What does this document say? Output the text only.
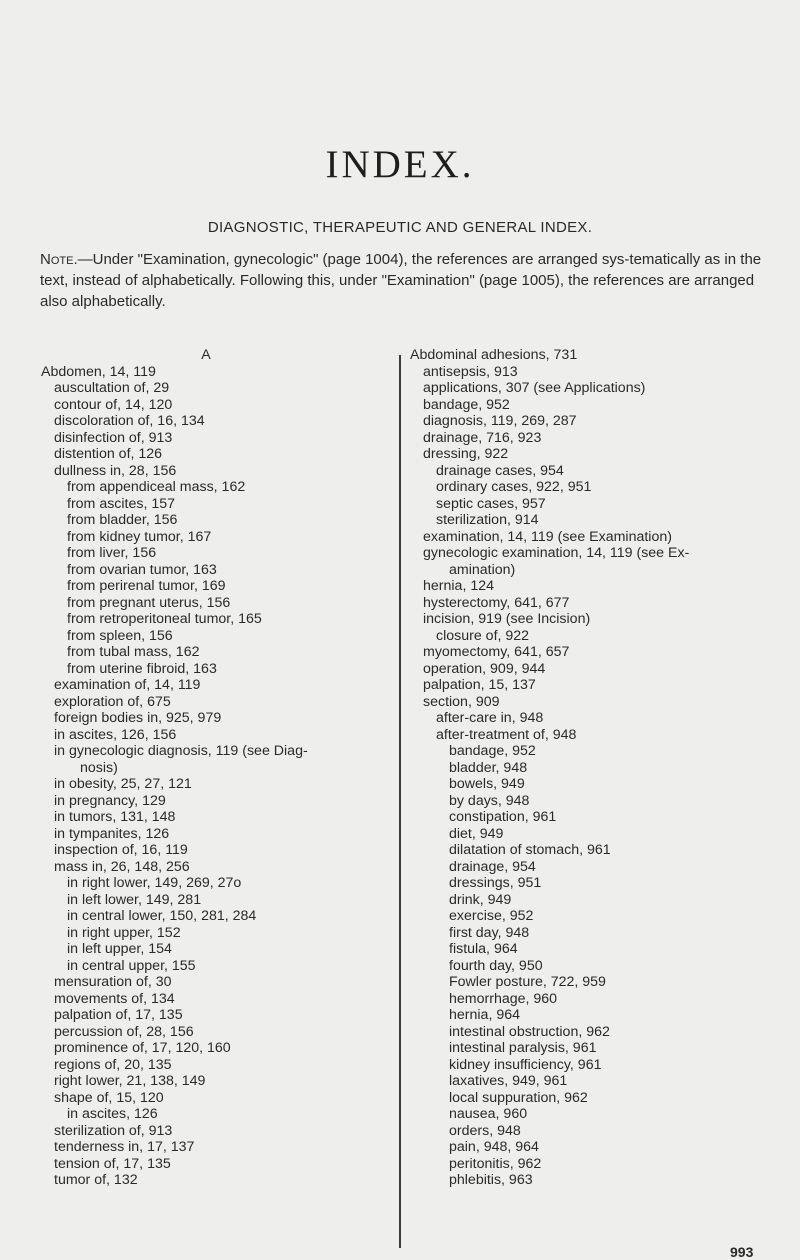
INDEX.
DIAGNOSTIC, THERAPEUTIC AND GENERAL INDEX.
Note.—Under "Examination, gynecologic" (page 1004), the references are arranged sys-tematically as in the text, instead of alphabetically. Following this, under "Examination" (page 1005), the references are arranged also alphabetically.
A
Abdomen, 14, 119
auscultation of, 29
contour of, 14, 120
discoloration of, 16, 134
disinfection of, 913
distention of, 126
dullness in, 28, 156
from appendiceal mass, 162
from ascites, 157
from bladder, 156
from kidney tumor, 167
from liver, 156
from ovarian tumor, 163
from perirenal tumor, 169
from pregnant uterus, 156
from retroperitoneal tumor, 165
from spleen, 156
from tubal mass, 162
from uterine fibroid, 163
examination of, 14, 119
exploration of, 675
foreign bodies in, 925, 979
in ascites, 126, 156
in gynecologic diagnosis, 119 (see Diag-
nosis)
in obesity, 25, 27, 121
in pregnancy, 129
in tumors, 131, 148
in tympanites, 126
inspection of, 16, 119
mass in, 26, 148, 256
in right lower, 149, 269, 27o
in left lower, 149, 281
in central lower, 150, 281, 284
in right upper, 152
in left upper, 154
in central upper, 155
mensuration of, 30
movements of, 134
palpation of, 17, 135
percussion of, 28, 156
prominence of, 17, 120, 160
regions of, 20, 135
right lower, 21, 138, 149
shape of, 15, 120
in ascites, 126
sterilization of, 913
tenderness in, 17, 137
tension of, 17, 135
tumor of, 132
Abdominal adhesions, 731
antisepsis, 913
applications, 307 (see Applications)
bandage, 952
diagnosis, 119, 269, 287
drainage, 716, 923
dressing, 922
drainage cases, 954
ordinary cases, 922, 951
septic cases, 957
sterilization, 914
examination, 14, 119 (see Examination)
gynecologic examination, 14, 119 (see Ex-
amination)
hernia, 124
hysterectomy, 641, 677
incision, 919 (see Incision)
closure of, 922
myomectomy, 641, 657
operation, 909, 944
palpation, 15, 137
section, 909
after-care in, 948
after-treatment of, 948
bandage, 952
bladder, 948
bowels, 949
by days, 948
constipation, 961
diet, 949
dilatation of stomach, 961
drainage, 954
dressings, 951
drink, 949
exercise, 952
first day, 948
fistula, 964
fourth day, 950
Fowler posture, 722, 959
hemorrhage, 960
hernia, 964
intestinal obstruction, 962
intestinal paralysis, 961
kidney insufficiency, 961
laxatives, 949, 961
local suppuration, 962
nausea, 960
orders, 948
pain, 948, 964
peritonitis, 962
phlebitis, 963
993
